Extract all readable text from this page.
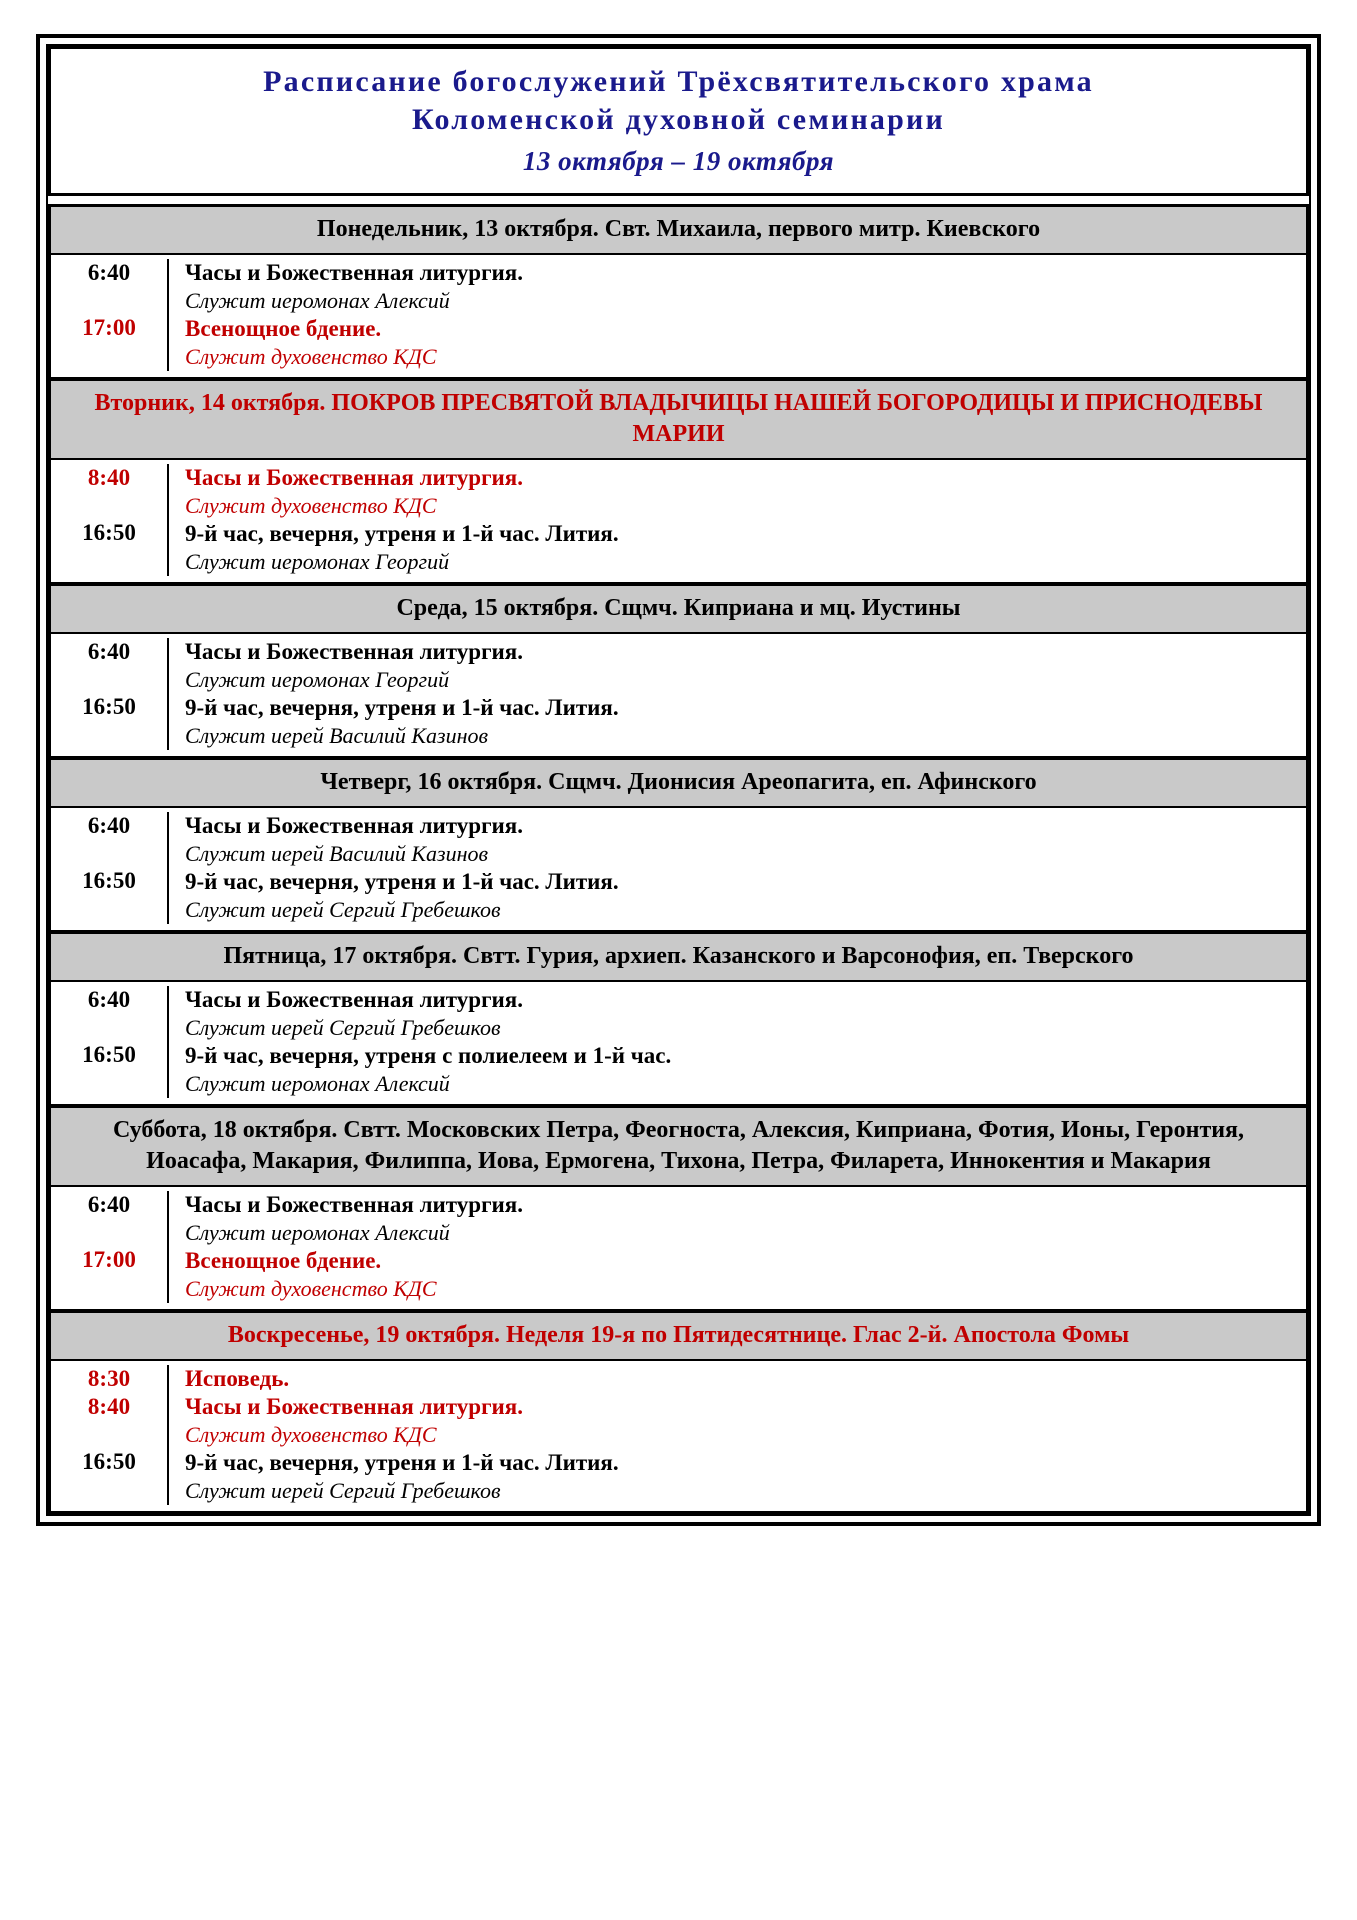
Расписание богослужений Трёхсвятительского храма
Коломенской духовной семинарии
13 октября – 19 октября
Понедельник, 13 октября. Свт. Михаила, первого митр. Киевского
6:40
17:00
Часы и Божественная литургия.
Служит иеромонах Алексий
Всенощное бдение.
Служит духовенство КДС
Вторник, 14 октября. ПОКРОВ ПРЕСВЯТОЙ ВЛАДЫЧИЦЫ НАШЕЙ БОГОРОДИЦЫ И ПРИСНОДЕВЫ МАРИИ
8:40
16:50
Часы и Божественная литургия.
Служит духовенство КДС
9-й час, вечерня, утреня и 1-й час. Лития.
Служит иеромонах Георгий
Среда, 15 октября. Сщмч. Киприана и мц. Иустины
6:40
16:50
Часы и Божественная литургия.
Служит иеромонах Георгий
9-й час, вечерня, утреня и 1-й час. Лития.
Служит иерей Василий Казинов
Четверг, 16 октября. Сщмч. Дионисия Ареопагита, еп. Афинского
6:40
16:50
Часы и Божественная литургия.
Служит иерей Василий Казинов
9-й час, вечерня, утреня и 1-й час. Лития.
Служит иерей Сергий Гребешков
Пятница, 17 октября. Свтт. Гурия, архиеп. Казанского и Варсонофия, еп. Тверского
6:40
16:50
Часы и Божественная литургия.
Служит иерей Сергий Гребешков
9-й час, вечерня, утреня с полиелеем и 1-й час.
Служит иеромонах Алексий
Суббота, 18 октября. Свтт. Московских Петра, Феогноста, Алексия, Киприана, Фотия, Ионы, Геронтия, Иоасафа, Макария, Филиппа, Иова, Ермогена, Тихона, Петра, Филарета, Иннокентия и Макария
6:40
17:00
Часы и Божественная литургия.
Служит иеромонах Алексий
Всенощное бдение.
Служит духовенство КДС
Воскресенье, 19 октября. Неделя 19-я по Пятидесятнице. Глас 2-й. Апостола Фомы
8:30
8:40
16:50
Исповедь.
Часы и Божественная литургия.
Служит духовенство КДС
9-й час, вечерня, утреня и 1-й час. Лития.
Служит иерей Сергий Гребешков
